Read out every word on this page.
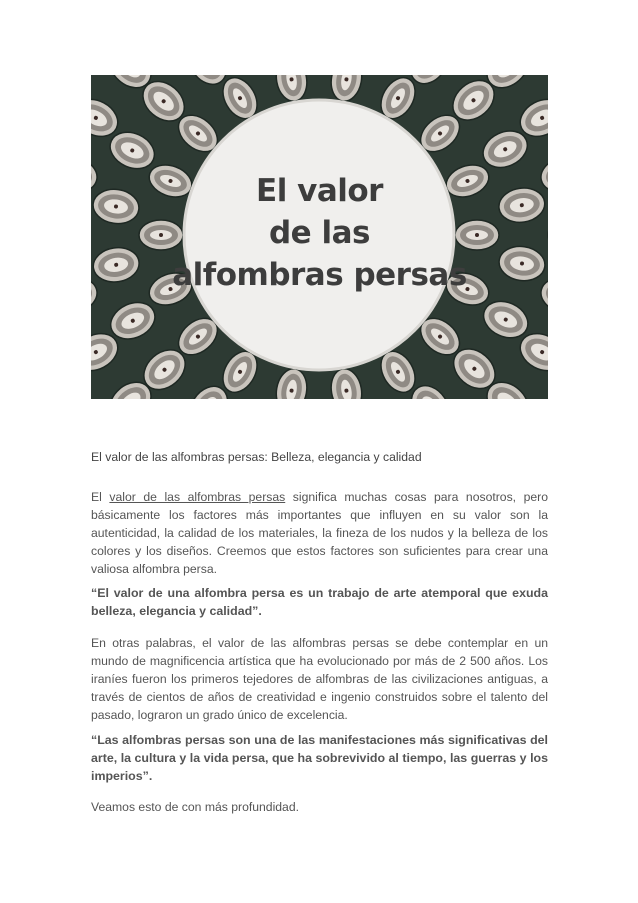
El valor
de las
alfombras persas

El valor de las alfombras persas: Belleza, elegancia y calidad

El valor de las alfombras persas significa muchas cosas para nosotros, pero básicamente los factores más importantes que influyen en su valor son la autenticidad, la calidad de los materiales, la fineza de los nudos y la belleza de los colores y los diseños. Creemos que estos factores son suficientes para crear una valiosa alfombra persa.

“El valor de una alfombra persa es un trabajo de arte atemporal que exuda belleza, elegancia y calidad”.

En otras palabras, el valor de las alfombras persas se debe contemplar en un mundo de magnificencia artística que ha evolucionado por más de 2 500 años. Los iraníes fueron los primeros tejedores de alfombras de las civilizaciones antiguas, a través de cientos de años de creatividad e ingenio construidos sobre el talento del pasado, lograron un grado único de excelencia.

“Las alfombras persas son una de las manifestaciones más significativas del arte, la cultura y la vida persa, que ha sobrevivido al tiempo, las guerras y los imperios”.

Veamos esto de con más profundidad.
